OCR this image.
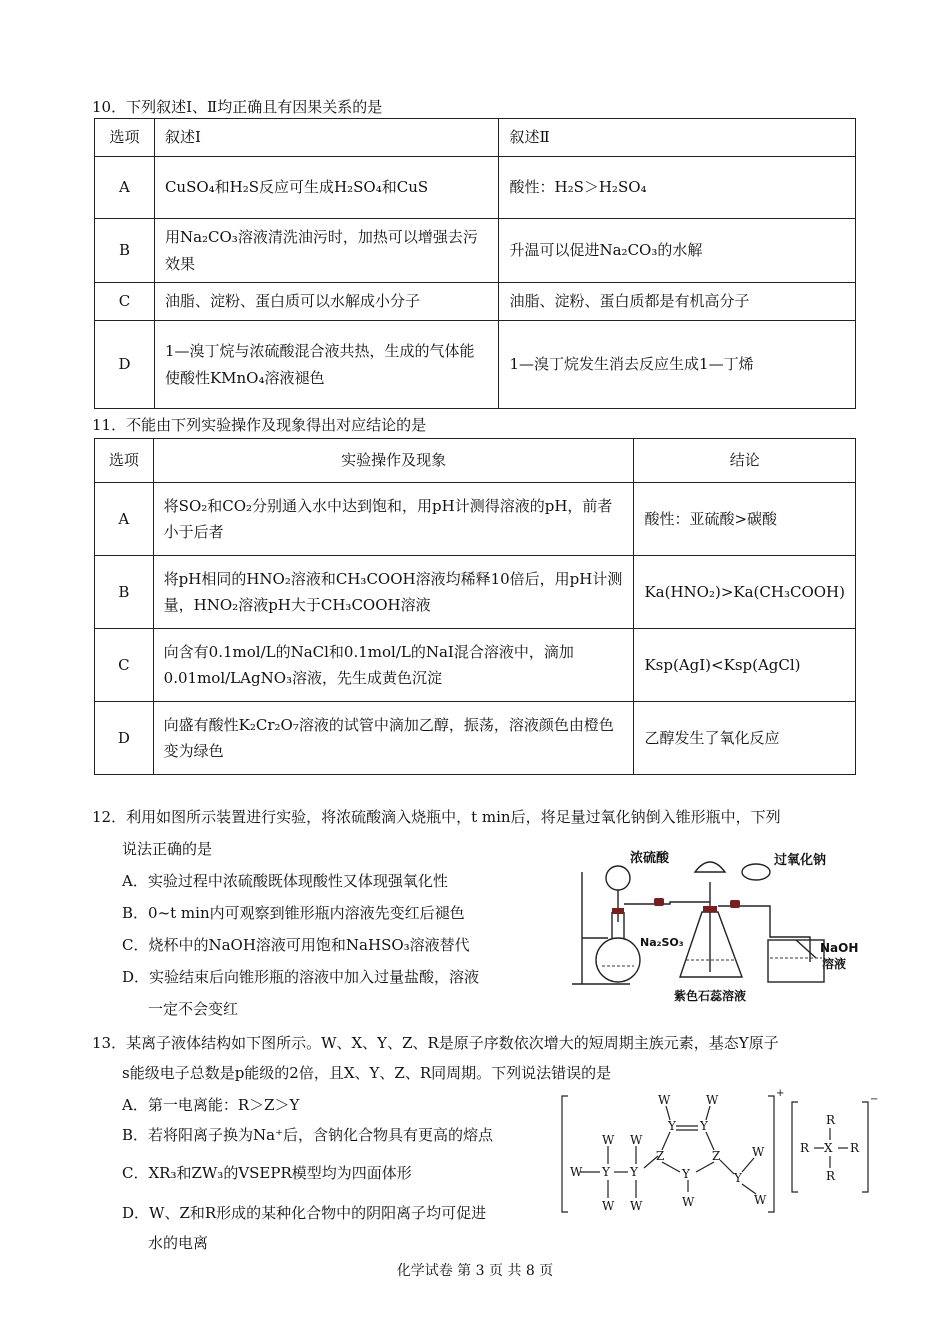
10．下列叙述Ⅰ、Ⅱ均正确且有因果关系的是
选项	叙述Ⅰ	叙述Ⅱ
A	CuSO₄和H₂S反应可生成H₂SO₄和CuS	酸性：H₂S＞H₂SO₄
B	用Na₂CO₃溶液清洗油污时，加热可以增强去污效果	升温可以促进Na₂CO₃的水解
C	油脂、淀粉、蛋白质可以水解成小分子	油脂、淀粉、蛋白质都是有机高分子
D	1—溴丁烷与浓硫酸混合液共热，生成的气体能使酸性KMnO₄溶液褪色	1—溴丁烷发生消去反应生成1—丁烯
11．不能由下列实验操作及现象得出对应结论的是
选项	实验操作及现象	结论
A	将SO₂和CO₂分别通入水中达到饱和，用pH计测得溶液的pH，前者小于后者	酸性：亚硫酸>碳酸
B	将pH相同的HNO₂溶液和CH₃COOH溶液均稀释10倍后，用pH计测量，HNO₂溶液pH大于CH₃COOH溶液	Ka(HNO₂)>Ka(CH₃COOH)
C	向含有0.1mol/L的NaCl和0.1mol/L的NaI混合溶液中，滴加0.01mol/LAgNO₃溶液，先生成黄色沉淀	Ksp(AgI)<Ksp(AgCl)
D	向盛有酸性K₂Cr₂O₇溶液的试管中滴加乙醇，振荡，溶液颜色由橙色变为绿色	乙醇发生了氧化反应
12．利用如图所示装置进行实验，将浓硫酸滴入烧瓶中，t min后，将足量过氧化钠倒入锥形瓶中，下列
说法正确的是
A．实验过程中浓硫酸既体现酸性又体现强氧化性
B．0~t min内可观察到锥形瓶内溶液先变红后褪色
C．烧杯中的NaOH溶液可用饱和NaHSO₃溶液替代
D．实验结束后向锥形瓶的溶液中加入过量盐酸，溶液
一定不会变红
浓硫酸	过氧化钠
Na₂SO₃	NaOH
溶液
紫色石蕊溶液
13．某离子液体结构如下图所示。W、X、Y、Z、R是原子序数依次增大的短周期主族元素，基态Y原子
s能级电子总数是p能级的2倍，且X、Y、Z、R同周期。下列说法错误的是
A．第一电离能：R＞Z＞Y
B．若将阳离子换为Na⁺后，含钠化合物具有更高的熔点
C．XR₃和ZW₃的VSEPR模型均为四面体形
D．W、Z和R形成的某种化合物中的阴阳离子均可促进
水的电离
W Y Y
W W
W W
Z
Y Y
Z
Y
W
W	W
Y
W
W
+
R
R X R
R
−
化学试卷 第 3 页 共 8 页
